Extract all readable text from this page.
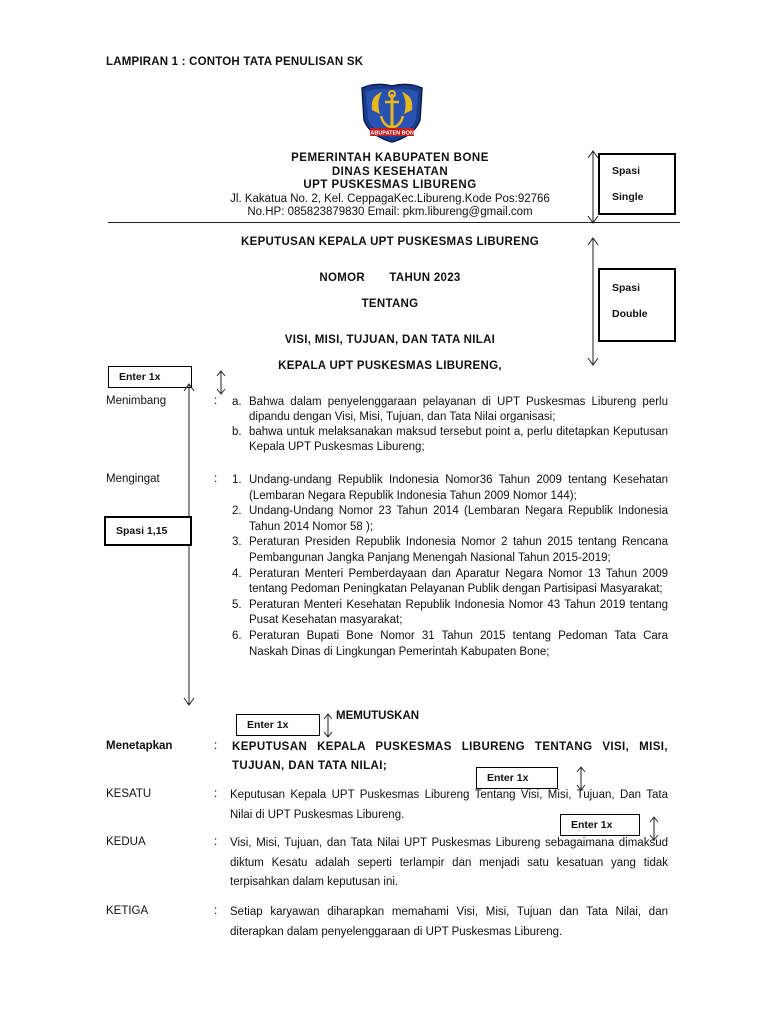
LAMPIRAN 1 : CONTOH TATA PENULISAN SK
KABUPATEN BONE
PEMERINTAH KABUPATEN BONE
DINAS KESEHATAN
UPT PUSKESMAS LIBURENG
Jl. Kakatua No. 2, Kel. CeppagaKec.Libureng.Kode Pos:92766
No.HP: 085823879830 Email: pkm.libureng@gmail.com
Spasi
Single
KEPUTUSAN KEPALA UPT PUSKESMAS LIBURENG
NOMOR       TAHUN 2023
TENTANG
VISI, MISI, TUJUAN, DAN TATA NILAI
KEPALA UPT PUSKESMAS LIBURENG,
Spasi
Double
Enter 1x
Menimbang	: a. Bahwa dalam penyelenggaraan pelayanan di UPT Puskesmas Libureng perlu dipandu dengan Visi, Misi, Tujuan, dan Tata Nilai organisasi;
b. bahwa untuk melaksanakan maksud tersebut point a, perlu ditetapkan Keputusan Kepala UPT Puskesmas Libureng;
Spasi 1,15
Mengingat	: 1. Undang-undang Republik Indonesia Nomor36 Tahun 2009 tentang Kesehatan (Lembaran Negara Republik Indonesia Tahun 2009 Nomor 144);
2. Undang-Undang Nomor 23 Tahun 2014 (Lembaran Negara Republik Indonesia Tahun 2014 Nomor 58 );
3. Peraturan Presiden Republik Indonesia Nomor 2 tahun 2015 tentang Rencana Pembangunan Jangka Panjang Menengah Nasional Tahun 2015-2019;
4. Peraturan Menteri Pemberdayaan dan Aparatur Negara Nomor 13 Tahun 2009 tentang Pedoman Peningkatan Pelayanan Publik dengan Partisipasi Masyarakat;
5. Peraturan Menteri Kesehatan Republik Indonesia Nomor 43 Tahun 2019 tentang Pusat Kesehatan masyarakat;
6. Peraturan Bupati Bone Nomor 31 Tahun 2015 tentang Pedoman Tata Cara Naskah Dinas di Lingkungan Pemerintah Kabupaten Bone;
Enter 1x
MEMUTUSKAN
Menetapkan	: KEPUTUSAN KEPALA PUSKESMAS LIBURENG TENTANG VISI, MISI, TUJUAN, DAN TATA NILAI;
KESATU	: Keputusan Kepala UPT Puskesmas Libureng Tentang Visi, Misi, Tujuan, Dan Tata Nilai di UPT Puskesmas Libureng.
Enter 1x
Enter 1x
KEDUA	: Visi, Misi, Tujuan, dan Tata Nilai UPT Puskesmas Libureng sebagaimana dimaksud diktum Kesatu adalah seperti terlampir dan menjadi satu kesatuan yang tidak terpisahkan dalam keputusan ini.
KETIGA	: Setiap karyawan diharapkan memahami Visi, Misi, Tujuan dan Tata Nilai, dan diterapkan dalam penyelenggaraan di UPT Puskesmas Libureng.
